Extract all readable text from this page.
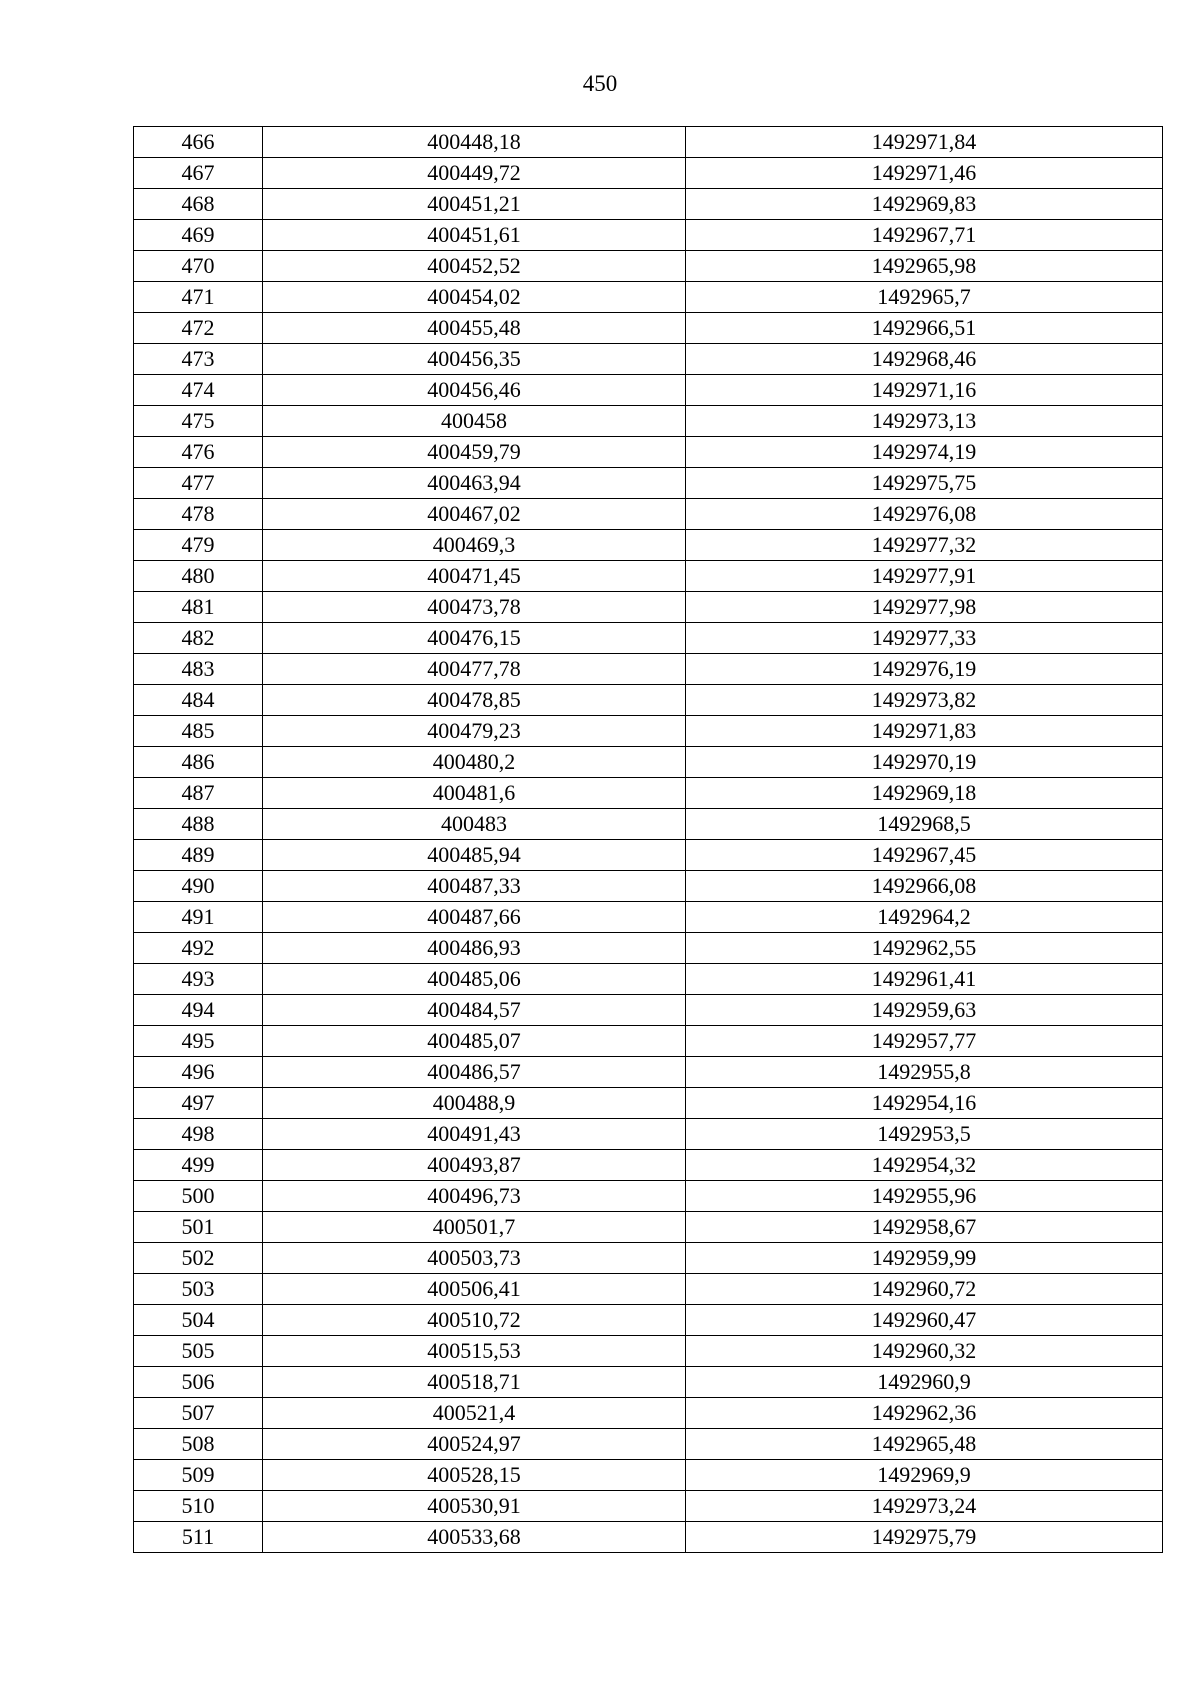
450
466	400448,18	1492971,84
467	400449,72	1492971,46
468	400451,21	1492969,83
469	400451,61	1492967,71
470	400452,52	1492965,98
471	400454,02	1492965,7
472	400455,48	1492966,51
473	400456,35	1492968,46
474	400456,46	1492971,16
475	400458	1492973,13
476	400459,79	1492974,19
477	400463,94	1492975,75
478	400467,02	1492976,08
479	400469,3	1492977,32
480	400471,45	1492977,91
481	400473,78	1492977,98
482	400476,15	1492977,33
483	400477,78	1492976,19
484	400478,85	1492973,82
485	400479,23	1492971,83
486	400480,2	1492970,19
487	400481,6	1492969,18
488	400483	1492968,5
489	400485,94	1492967,45
490	400487,33	1492966,08
491	400487,66	1492964,2
492	400486,93	1492962,55
493	400485,06	1492961,41
494	400484,57	1492959,63
495	400485,07	1492957,77
496	400486,57	1492955,8
497	400488,9	1492954,16
498	400491,43	1492953,5
499	400493,87	1492954,32
500	400496,73	1492955,96
501	400501,7	1492958,67
502	400503,73	1492959,99
503	400506,41	1492960,72
504	400510,72	1492960,47
505	400515,53	1492960,32
506	400518,71	1492960,9
507	400521,4	1492962,36
508	400524,97	1492965,48
509	400528,15	1492969,9
510	400530,91	1492973,24
511	400533,68	1492975,79
